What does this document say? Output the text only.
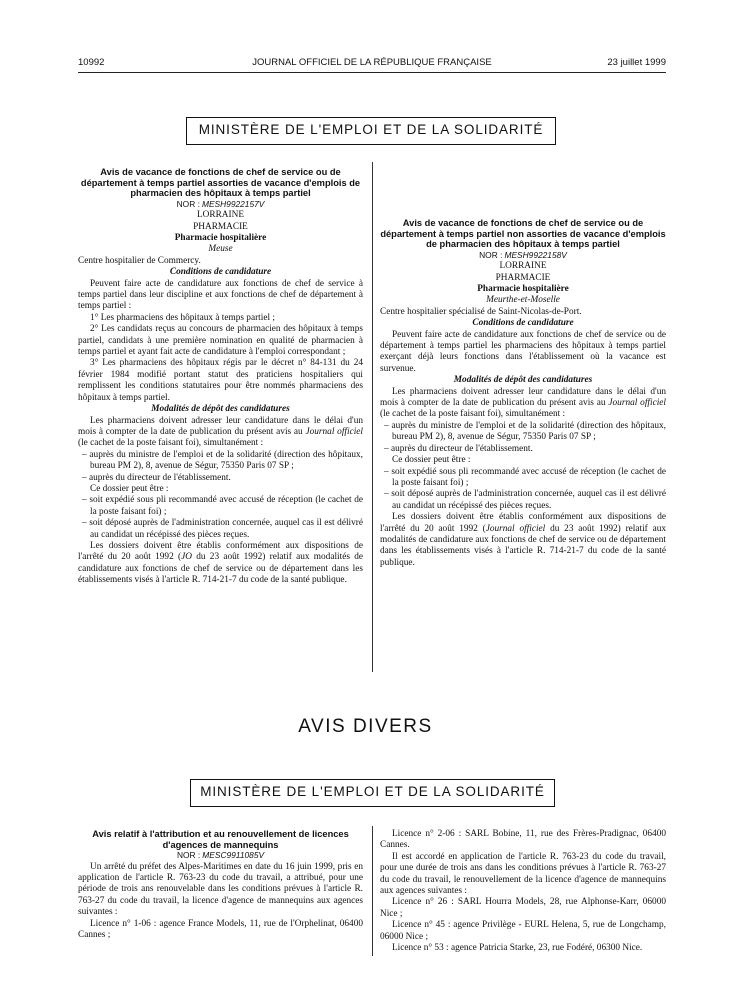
10992	JOURNAL OFFICIEL DE LA RÉPUBLIQUE FRANÇAISE	23 juillet 1999
MINISTÈRE DE L'EMPLOI ET DE LA SOLIDARITÉ

Avis de vacance de fonctions de chef de service ou de département à temps partiel assorties de vacance d'emplois de pharmacien des hôpitaux à temps partiel

NOR : MESH9922157V

LORRAINE

PHARMACIE

Pharmacie hospitalière

Meuse

Centre hospitalier de Commercy.

Conditions de candidature

Peuvent faire acte de candidature aux fonctions de chef de service à temps partiel dans leur discipline et aux fonctions de chef de département à temps partiel :

1° Les pharmaciens des hôpitaux à temps partiel ;

2° Les candidats reçus au concours de pharmacien des hôpitaux à temps partiel, candidats à une première nomination en qualité de pharmacien à temps partiel et ayant fait acte de candidature à l'emploi correspondant ;

3° Les pharmaciens des hôpitaux régis par le décret n° 84-131 du 24 février 1984 modifié portant statut des praticiens hospitaliers qui remplissent les conditions statutaires pour être nommés pharmaciens des hôpitaux à temps partiel.

Modalités de dépôt des candidatures

Les pharmaciens doivent adresser leur candidature dans le délai d'un mois à compter de la date de publication du présent avis au Journal officiel (le cachet de la poste faisant foi), simultanément :

– auprès du ministre de l'emploi et de la solidarité (direction des hôpitaux, bureau PM 2), 8, avenue de Ségur, 75350 Paris 07 SP ;

– auprès du directeur de l'établissement.

Ce dossier peut être :

– soit expédié sous pli recommandé avec accusé de réception (le cachet de la poste faisant foi) ;

– soit déposé auprès de l'administration concernée, auquel cas il est délivré au candidat un récépissé des pièces reçues.

Les dossiers doivent être établis conformément aux dispositions de l'arrêté du 20 août 1992 (JO du 23 août 1992) relatif aux modalités de candidature aux fonctions de chef de service ou de département dans les établissements visés à l'article R. 714-21-7 du code de la santé publique.

Avis de vacance de fonctions de chef de service ou de département à temps partiel non assorties de vacance d'emplois de pharmacien des hôpitaux à temps partiel

NOR : MESH9922158V

LORRAINE

PHARMACIE

Pharmacie hospitalière

Meurthe-et-Moselle

Centre hospitalier spécialisé de Saint-Nicolas-de-Port.

Conditions de candidature

Peuvent faire acte de candidature aux fonctions de chef de service ou de département à temps partiel les pharmaciens des hôpitaux à temps partiel exerçant déjà leurs fonctions dans l'établissement où la vacance est survenue.

Modalités de dépôt des candidatures

Les pharmaciens doivent adresser leur candidature dans le délai d'un mois à compter de la date de publication du présent avis au Journal officiel (le cachet de la poste faisant foi), simultanément :

– auprès du ministre de l'emploi et de la solidarité (direction des hôpitaux, bureau PM 2), 8, avenue de Ségur, 75350 Paris 07 SP ;

– auprès du directeur de l'établissement.

Ce dossier peut être :

– soit expédié sous pli recommandé avec accusé de réception (le cachet de la poste faisant foi) ;

– soit déposé auprès de l'administration concernée, auquel cas il est délivré au candidat un récépissé des pièces reçues.

Les dossiers doivent être établis conformément aux dispositions de l'arrêté du 20 août 1992 (Journal officiel du 23 août 1992) relatif aux modalités de candidature aux fonctions de chef de service ou de département dans les établissements visés à l'article R. 714-21-7 du code de la santé publique.

AVIS DIVERS
MINISTÈRE DE L'EMPLOI ET DE LA SOLIDARITÉ

Avis relatif à l'attribution et au renouvellement de licences d'agences de mannequins

NOR : MESC9911085V

Un arrêté du préfet des Alpes-Maritimes en date du 16 juin 1999, pris en application de l'article R. 763-23 du code du travail, a attribué, pour une période de trois ans renouvelable dans les conditions prévues à l'article R. 763-27 du code du travail, la licence d'agence de mannequins aux agences suivantes :

Licence n° 1-06 : agence France Models, 11, rue de l'Orphelinat, 06400 Cannes ;

Licence n° 2-06 : SARL Bobine, 11, rue des Frères-Pradignac, 06400 Cannes.

Il est accordé en application de l'article R. 763-23 du code du travail, pour une durée de trois ans dans les conditions prévues à l'article R. 763-27 du code du travail, le renouvellement de la licence d'agence de mannequins aux agences suivantes :

Licence n° 26 : SARL Hourra Models, 28, rue Alphonse-Karr, 06000 Nice ;

Licence n° 45 : agence Privilège - EURL Helena, 5, rue de Longchamp, 06000 Nice ;

Licence n° 53 : agence Patricia Starke, 23, rue Fodéré, 06300 Nice.
